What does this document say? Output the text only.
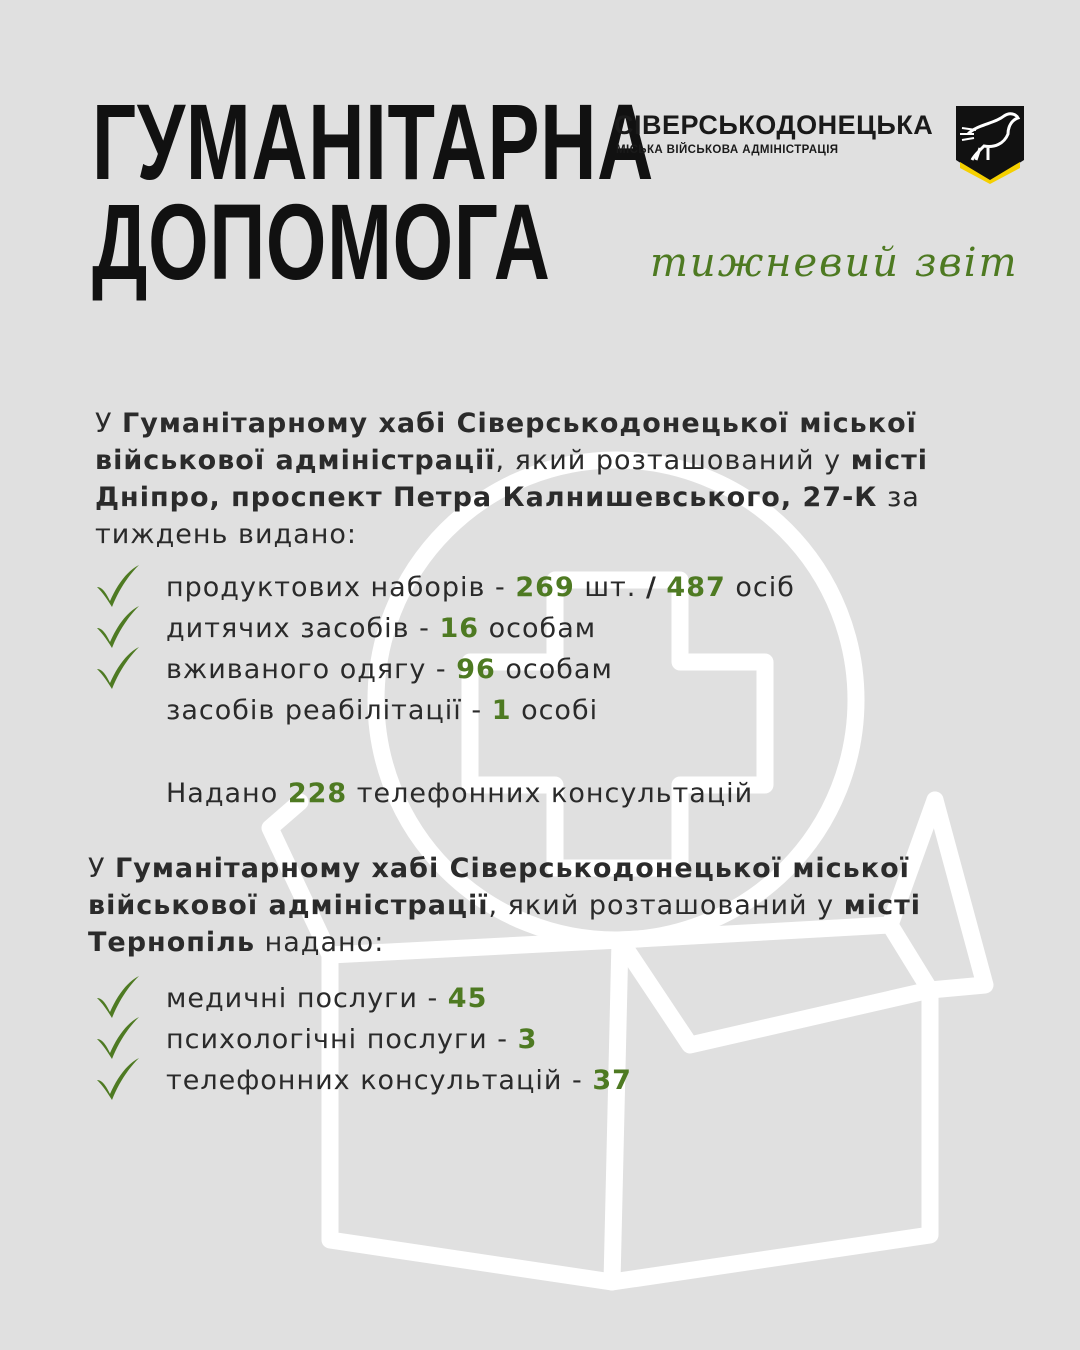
ГУМАНІТАРНА
ДОПОМОГА
СІВЕРСЬКОДОНЕЦЬКА
МІСЬКА ВІЙСЬКОВА АДМІНІСТРАЦІЯ
тижневий звіт
У Гуманітарному хабі Сіверськодонецької міської військової адміністрації, який розташований у місті Дніпро, проспект Петра Калнишевського, 27-К за тиждень видано:
продуктових наборів - 269 шт. / 487 осіб
дитячих засобів - 16 особам
вживаного одягу - 96 особам
засобів реабілітації - 1 особі
Надано 228 телефонних консультацій
У Гуманітарному хабі Сіверськодонецької міської військової адміністрації, який розташований у місті Тернопіль надано:
медичні послуги - 45
психологічні послуги - 3
телефонних консультацій - 37
